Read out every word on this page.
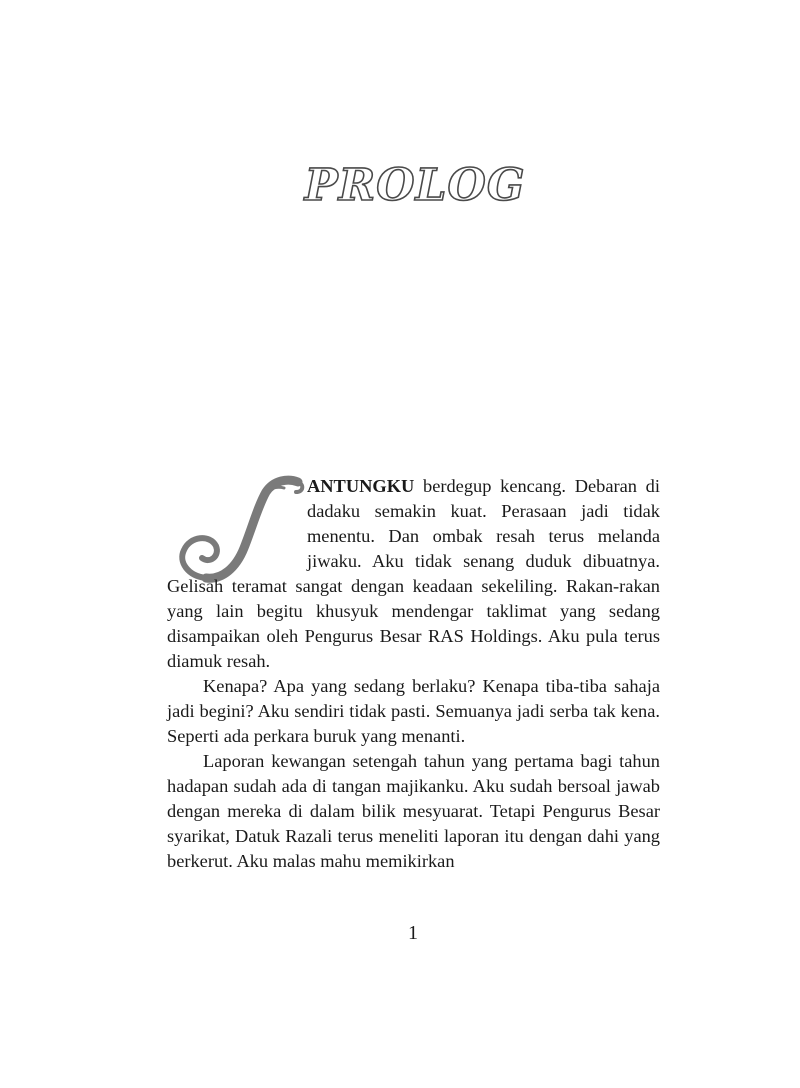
PROLOG

ANTUNGKU berdegup kencang. Debaran di dadaku semakin kuat. Perasaan jadi tidak menentu. Dan ombak resah terus melanda jiwaku. Aku tidak senang duduk dibuatnya. Gelisah teramat sangat dengan keadaan sekeliling. Rakan-rakan yang lain begitu khusyuk mendengar taklimat yang sedang disampaikan oleh Pengurus Besar RAS Holdings. Aku pula terus diamuk resah.

Kenapa? Apa yang sedang berlaku? Kenapa tiba-tiba sahaja jadi begini? Aku sendiri tidak pasti. Semuanya jadi serba tak kena. Seperti ada perkara buruk yang menanti.

Laporan kewangan setengah tahun yang pertama bagi tahun hadapan sudah ada di tangan majikanku. Aku sudah bersoal jawab dengan mereka di dalam bilik mesyuarat. Tetapi Pengurus Besar syarikat, Datuk Razali terus meneliti laporan itu dengan dahi yang berkerut. Aku malas mahu memikirkan

1
